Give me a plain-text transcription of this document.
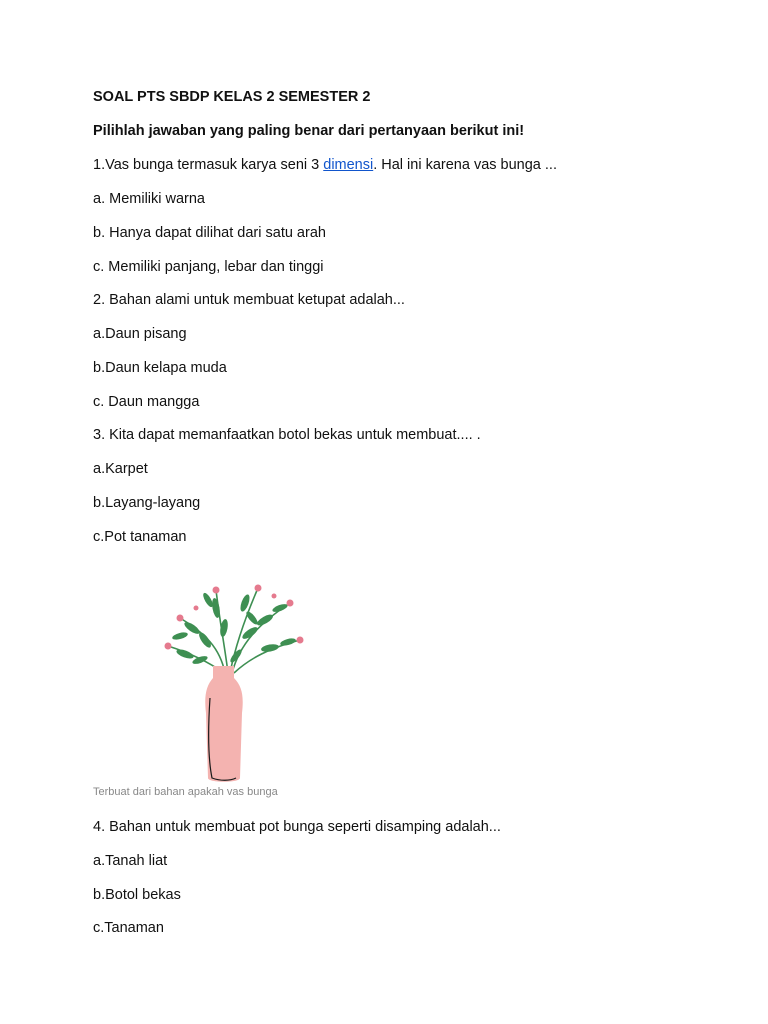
SOAL PTS SBDP KELAS 2 SEMESTER 2
Pilihlah jawaban yang paling benar dari pertanyaan berikut ini!
1.Vas bunga termasuk karya seni 3 dimensi. Hal ini karena vas bunga ...
a. Memiliki warna
b. Hanya dapat dilihat dari satu arah
c. Memiliki panjang, lebar dan tinggi
2. Bahan alami untuk membuat ketupat adalah...
a.Daun pisang
b.Daun kelapa muda
c. Daun mangga
3. Kita dapat memanfaatkan botol bekas untuk membuat.... .
a.Karpet
b.Layang-layang
c.Pot tanaman
Terbuat dari bahan apakah vas bunga
4. Bahan untuk membuat pot bunga seperti disamping adalah...
a.Tanah liat
b.Botol bekas
c.Tanaman
